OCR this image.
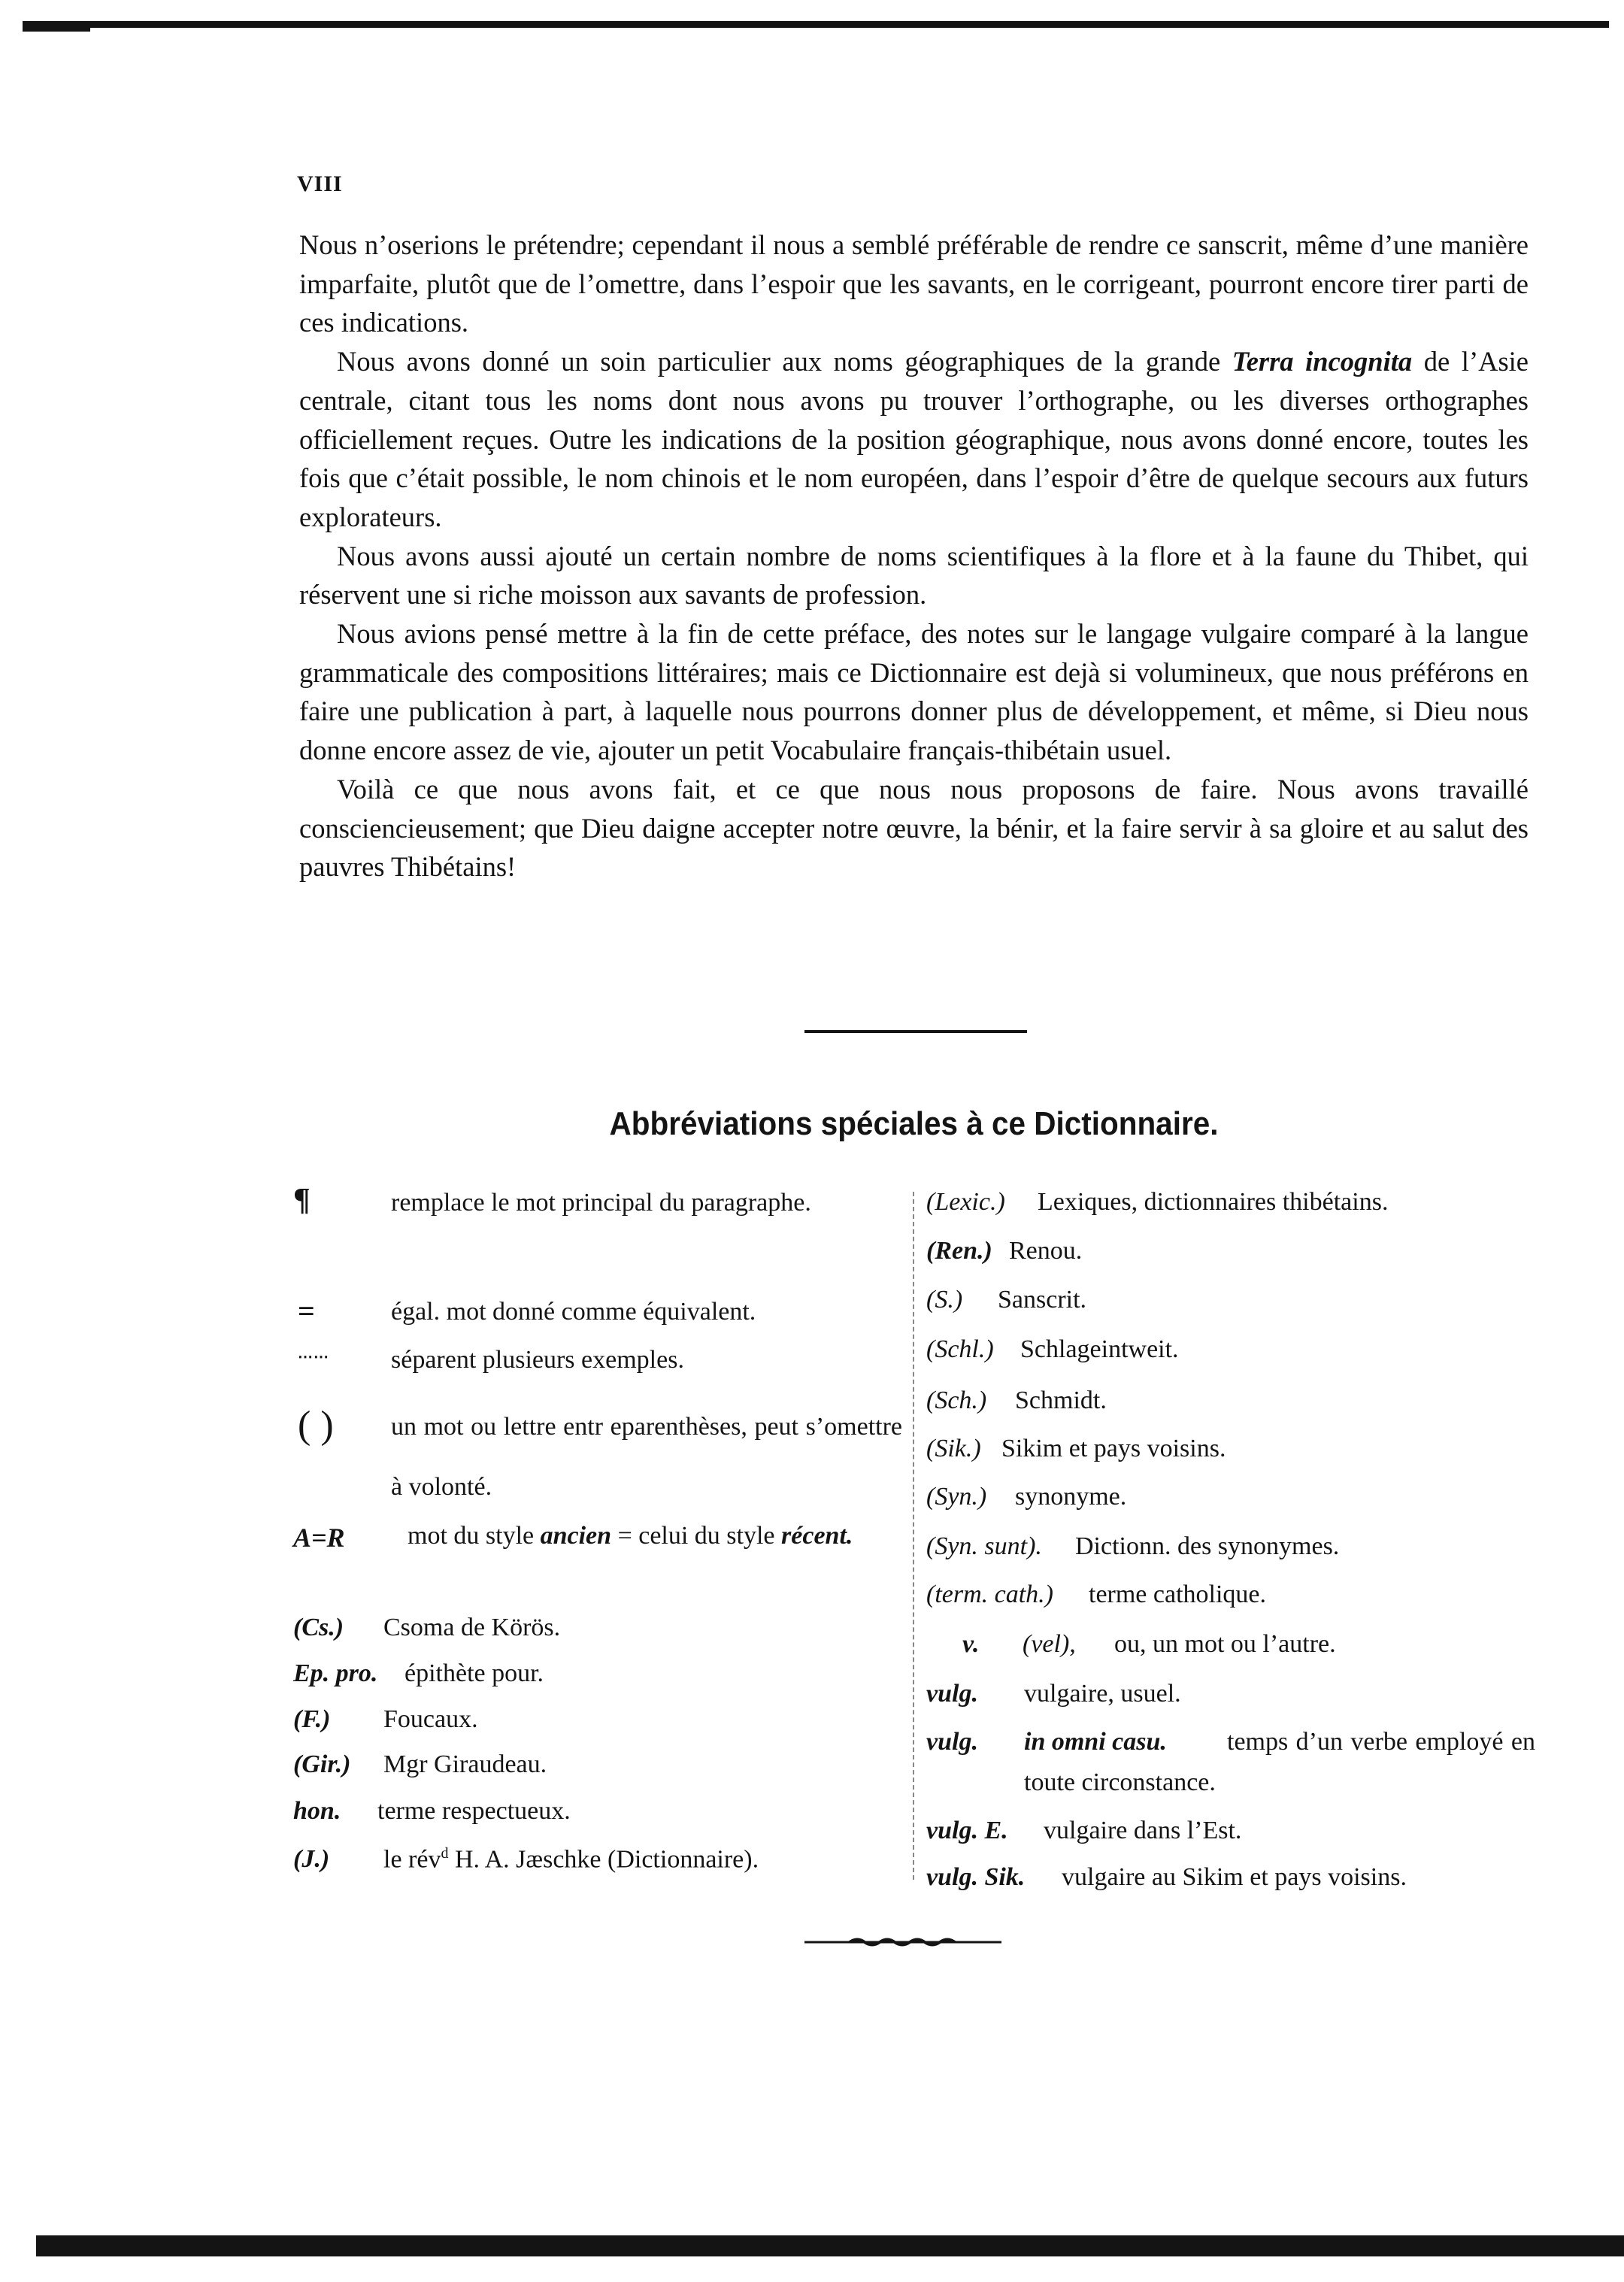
VIII

Nous n’oserions le prétendre; cependant il nous a semblé préférable de rendre ce sanscrit, même d’une manière imparfaite, plutôt que de l’omettre, dans l’espoir que les savants, en le corrigeant, pourront encore tirer parti de ces indications.

Nous avons donné un soin particulier aux noms géographiques de la grande Terra incognita de l’Asie centrale, citant tous les noms dont nous avons pu trouver l’orthographe, ou les diverses orthographes officiellement reçues. Outre les indications de la position géographique, nous avons donné encore, toutes les fois que c’était possible, le nom chinois et le nom européen, dans l’espoir d’être de quelque secours aux futurs explorateurs.

Nous avons aussi ajouté un certain nombre de noms scientifiques à la flore et à la faune du Thibet, qui réservent une si riche moisson aux savants de profession.

Nous avions pensé mettre à la fin de cette préface, des notes sur le langage vulgaire comparé à la langue grammaticale des compositions littéraires; mais ce Dictionnaire est dejà si volumineux, que nous préférons en faire une publication à part, à laquelle nous pourrons donner plus de développement, et même, si Dieu nous donne encore assez de vie, ajouter un petit Vocabulaire français-thibétain usuel.

Voilà ce que nous avons fait, et ce que nous nous proposons de faire. Nous avons travaillé consciencieusement; que Dieu daigne accepter notre œuvre, la bénir, et la faire servir à sa gloire et au salut des pauvres Thibétains!

Abbréviations spéciales à ce Dictionnaire.
¶	remplace le mot principal du paragraphe.
=	égal. mot donné comme équivalent.
⋯⋯ séparent plusieurs exemples.
( ) un mot ou lettre entr eparenthèses, peut s’omettre à volonté.
A=R mot du style ancien = celui du style récent.
(Cs.) Csoma de Körös.
Ep. pro. épithète pour.
(F.) Foucaux.
(Gir.) Mgr Giraudeau.
hon. terme respectueux.
(J.) le rév$^d$ H. A. Jæschke (Dictionnaire).
(Lexic.) Lexiques, dictionnaires thibétains.
(Ren.) Renou.
(S.) Sanscrit.
(Schl.) Schlageintweit.
(Sch.) Schmidt.
(Sik.) Sikim et pays voisins.
(Syn.) synonyme.
(Syn. sunt). Dictionn. des synonymes.
(term. cath.) terme catholique.
v. (vel), ou, un mot ou l’autre.
vulg. vulgaire, usuel.
vulg. in omni casu.	temps d’un verbe employé en toute circonstance.
vulg. E. vulgaire dans l’Est.
vulg. Sik. vulgaire au Sikim et pays voisins.
